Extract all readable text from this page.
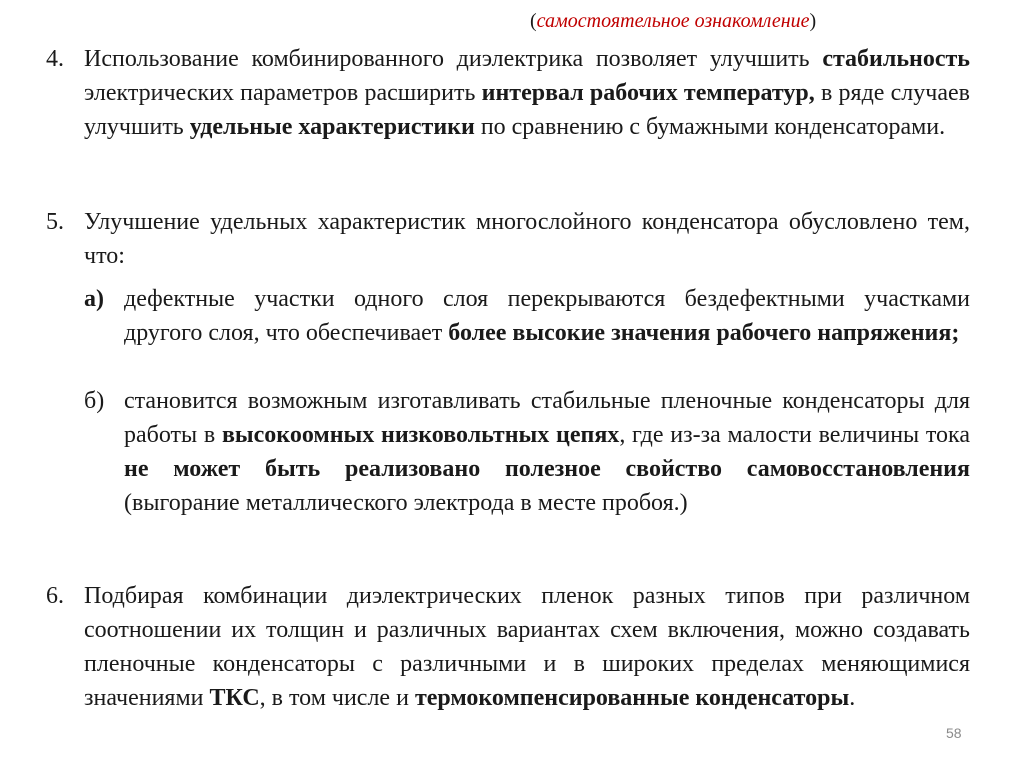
(самостоятельное ознакомление)
4. Использование комбинированного диэлектрика позволяет улучшить стабильность электрических параметров расширить интервал рабочих температур, в ряде случаев улучшить удельные характеристики по сравнению с бумажными конденсаторами.
5. Улучшение удельных характеристик многослойного конденсатора обусловлено тем, что:
а) дефектные участки одного слоя перекрываются бездефектными участками другого слоя, что обеспечивает более высокие значения рабочего напряжения;
б) становится возможным изготавливать стабильные пленочные конденсаторы для работы в высокоомных низковольтных цепях, где из-за малости величины тока не может быть реализовано полезное свойство самовосстановления (выгорание металлического электрода в месте пробоя.)
6. Подбирая комбинации диэлектрических пленок разных типов при различном соотношении их толщин и различных вариантах схем включения, можно создавать пленочные конденсаторы с различными и в широких пределах меняющимися значениями ТКС, в том числе и термокомпенсированные конденсаторы.
58
